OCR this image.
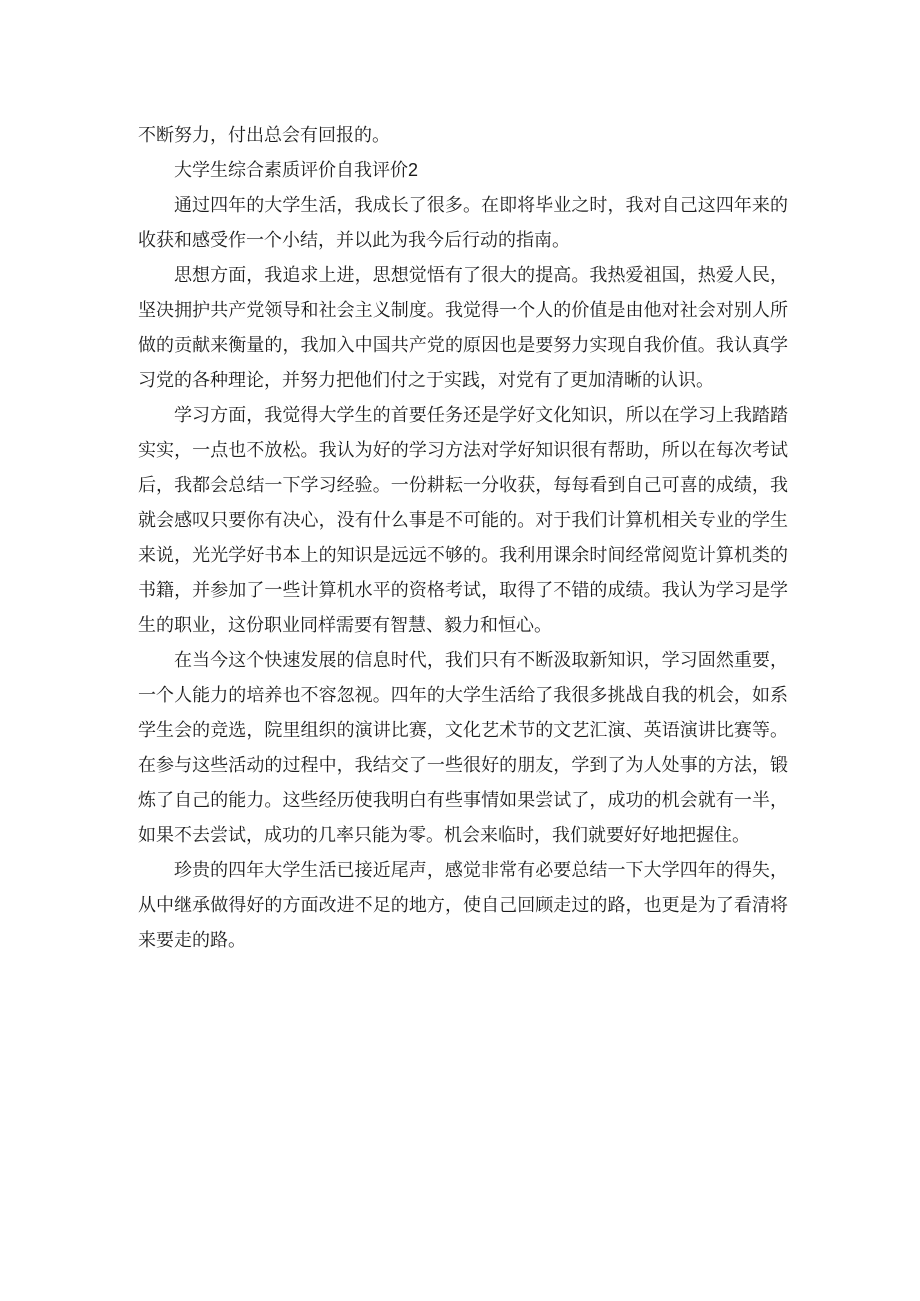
不断努力，付出总会有回报的。

大学生综合素质评价自我评价2

通过四年的大学生活，我成长了很多。在即将毕业之时，我对自己这四年来的收获和感受作一个小结，并以此为我今后行动的指南。

思想方面，我追求上进，思想觉悟有了很大的提高。我热爱祖国，热爱人民，坚决拥护共产党领导和社会主义制度。我觉得一个人的价值是由他对社会对别人所做的贡献来衡量的，我加入中国共产党的原因也是要努力实现自我价值。我认真学习党的各种理论，并努力把他们付之于实践，对党有了更加清晰的认识。

学习方面，我觉得大学生的首要任务还是学好文化知识，所以在学习上我踏踏实实，一点也不放松。我认为好的学习方法对学好知识很有帮助，所以在每次考试后，我都会总结一下学习经验。一份耕耘一分收获，每每看到自己可喜的成绩，我就会感叹只要你有决心，没有什么事是不可能的。对于我们计算机相关专业的学生来说，光光学好书本上的知识是远远不够的。我利用课余时间经常阅览计算机类的书籍，并参加了一些计算机水平的资格考试，取得了不错的成绩。我认为学习是学生的职业，这份职业同样需要有智慧、毅力和恒心。

在当今这个快速发展的信息时代，我们只有不断汲取新知识，学习固然重要，一个人能力的培养也不容忽视。四年的大学生活给了我很多挑战自我的机会，如系学生会的竞选，院里组织的演讲比赛，文化艺术节的文艺汇演、英语演讲比赛等。在参与这些活动的过程中，我结交了一些很好的朋友，学到了为人处事的方法，锻炼了自己的能力。这些经历使我明白有些事情如果尝试了，成功的机会就有一半，如果不去尝试，成功的几率只能为零。机会来临时，我们就要好好地把握住。

珍贵的四年大学生活已接近尾声，感觉非常有必要总结一下大学四年的得失，从中继承做得好的方面改进不足的地方，使自己回顾走过的路，也更是为了看清将来要走的路。
